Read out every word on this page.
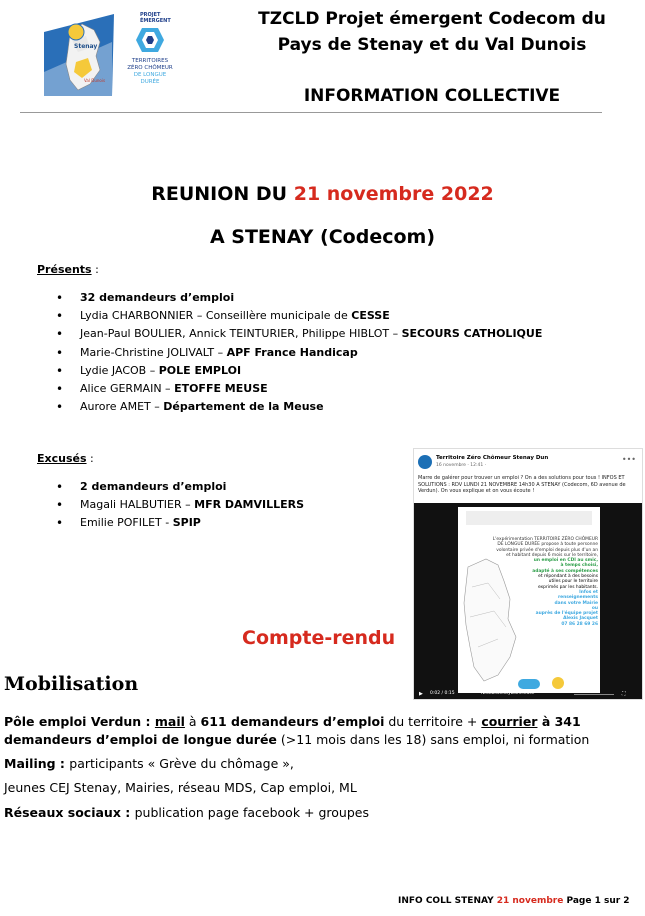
Stenay
Val Dunois
PROJET
ÉMERGENT
TERRITOIRES
ZÉRO CHÔMEUR
DE LONGUE
DURÉE
TZCLD Projet émergent Codecom du
Pays de Stenay et du Val Dunois
INFORMATION COLLECTIVE
REUNION DU 21 novembre 2022
A STENAY (Codecom)
Présents :
• 32 demandeurs d’emploi
• Lydia CHARBONNIER – Conseillère municipale de CESSE
• Jean-Paul BOULIER, Annick TEINTURIER, Philippe HIBLOT – SECOURS CATHOLIQUE
• Marie-Christine JOLIVALT – APF France Handicap
• Lydie JACOB – POLE EMPLOI
• Alice GERMAIN – ETOFFE MEUSE
• Aurore AMET – Département de la Meuse
Excusés :
• 2 demandeurs d’emploi
• Magali HALBUTIER – MFR DAMVILLERS
• Emilie POFILET - SPIP
Territoire Zéro Chômeur Stenay Dun
16 novembre · 12:41 ·
•••
Marre de galérer pour trouver un emploi ? On a des solutions pour tous ! INFOS ET SOLUTIONS : RDV LUNDI 21 NOVEMBRE 14h30 A STENAY (Codecom, 6D avenue de Verdun). On vous explique et on vous écoute !
L'expérimentation TERRITOIRE ZÉRO CHÔMEUR
DE LONGUE DURÉE propose à toute personne
volontaire privée d'emploi depuis plus d'un an
et habitant depuis 6 mois sur le territoire,
un emploi en CDI au smic,
à temps choisi,
adapté à ses compétences
et répondant à des besoins
utiles pour le territoire
exprimés par les habitants.
Infos et
renseignements
dans votre Mairie
ou
auprès de l'équipe projet
Alexis Jacquet
07 86 28 69 26
▶ 0:02 / 0:15	TZCLDStenayDunMeuse	⛶
Compte-rendu
Mobilisation
Pôle emploi Verdun : mail à 611 demandeurs d’emploi du territoire + courrier à 341 demandeurs d’emploi de longue durée (>11 mois dans les 18) sans emploi, ni formation
Mailing : participants « Grève du chômage »,
Jeunes CEJ Stenay, Mairies, réseau MDS, Cap emploi, ML
Réseaux sociaux : publication page facebook + groupes
INFO COLL STENAY 21 novembre Page 1 sur 2
